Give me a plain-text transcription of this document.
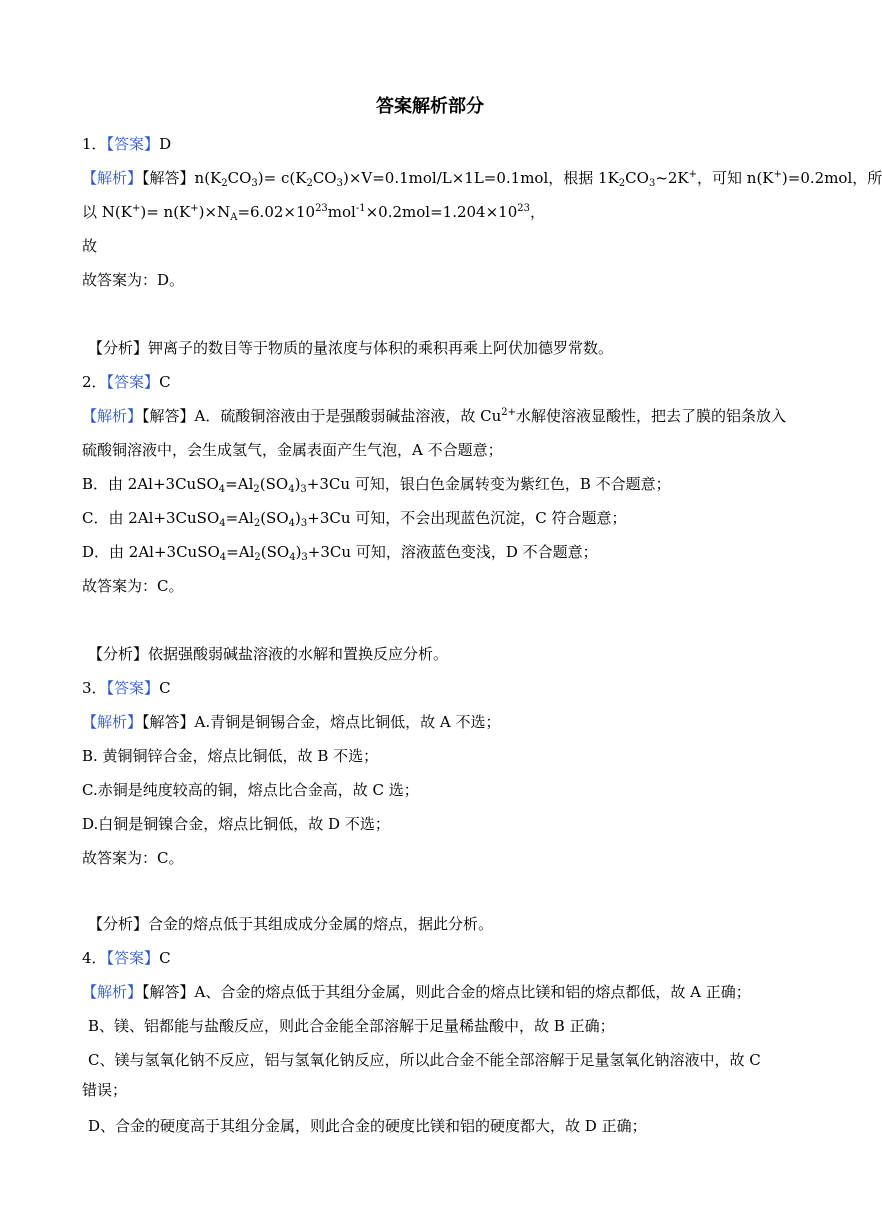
答案解析部分
1．【答案】D
【解析】【解答】$n(K_2CO_3)= c(K_2CO_3)\times V=0.1mol/L\times 1L=0.1mol$，根据 $1K_2CO_3\sim 2K^+$，可知 n(K+)=0.2mol，所
以 $N(K^+)= n(K^+)\times N_A=6.02\times 10^{23}mol^{-1}\times 0.2mol=1.204\times 10^{23}$，
故
故答案为：D。
【分析】钾离子的数目等于物质的量浓度与体积的乘积再乘上阿伏加德罗常数。
2．【答案】C
【解析】【解答】A．硫酸铜溶液由于是强酸弱碱盐溶液，故 $Cu^{2+}$水解使溶液显酸性，把去了膜的铝条放入
硫酸铜溶液中，会生成氢气，金属表面产生气泡，A 不合题意；
B．由 $2Al+3CuSO_4=Al_2(SO_4)_3+3Cu$ 可知，银白色金属转变为紫红色，B 不合题意；
C．由 $2Al+3CuSO_4=Al_2(SO_4)_3+3Cu$ 可知，不会出现蓝色沉淀，C 符合题意；
D．由 $2Al+3CuSO_4=Al_2(SO_4)_3+3Cu$ 可知，溶液蓝色变浅，D 不合题意；
故答案为：C。
【分析】依据强酸弱碱盐溶液的水解和置换反应分析。
3．【答案】C
【解析】【解答】A.青铜是铜锡合金，熔点比铜低，故 A 不选；
B. 黄铜铜锌合金，熔点比铜低，故 B 不选；
C.赤铜是纯度较高的铜，熔点比合金高，故 C 选；
D.白铜是铜镍合金，熔点比铜低，故 D 不选；
故答案为：C。
【分析】合金的熔点低于其组成成分金属的熔点，据此分析。
4．【答案】C
【解析】【解答】A、合金的熔点低于其组分金属，则此合金的熔点比镁和铝的熔点都低，故 A 正确；
B、镁、铝都能与盐酸反应，则此合金能全部溶解于足量稀盐酸中，故 B 正确；
C、镁与氢氧化钠不反应，铝与氢氧化钠反应，所以此合金不能全部溶解于足量氢氧化钠溶液中，故 C
错误；
D、合金的硬度高于其组分金属，则此合金的硬度比镁和铝的硬度都大，故 D 正确；
